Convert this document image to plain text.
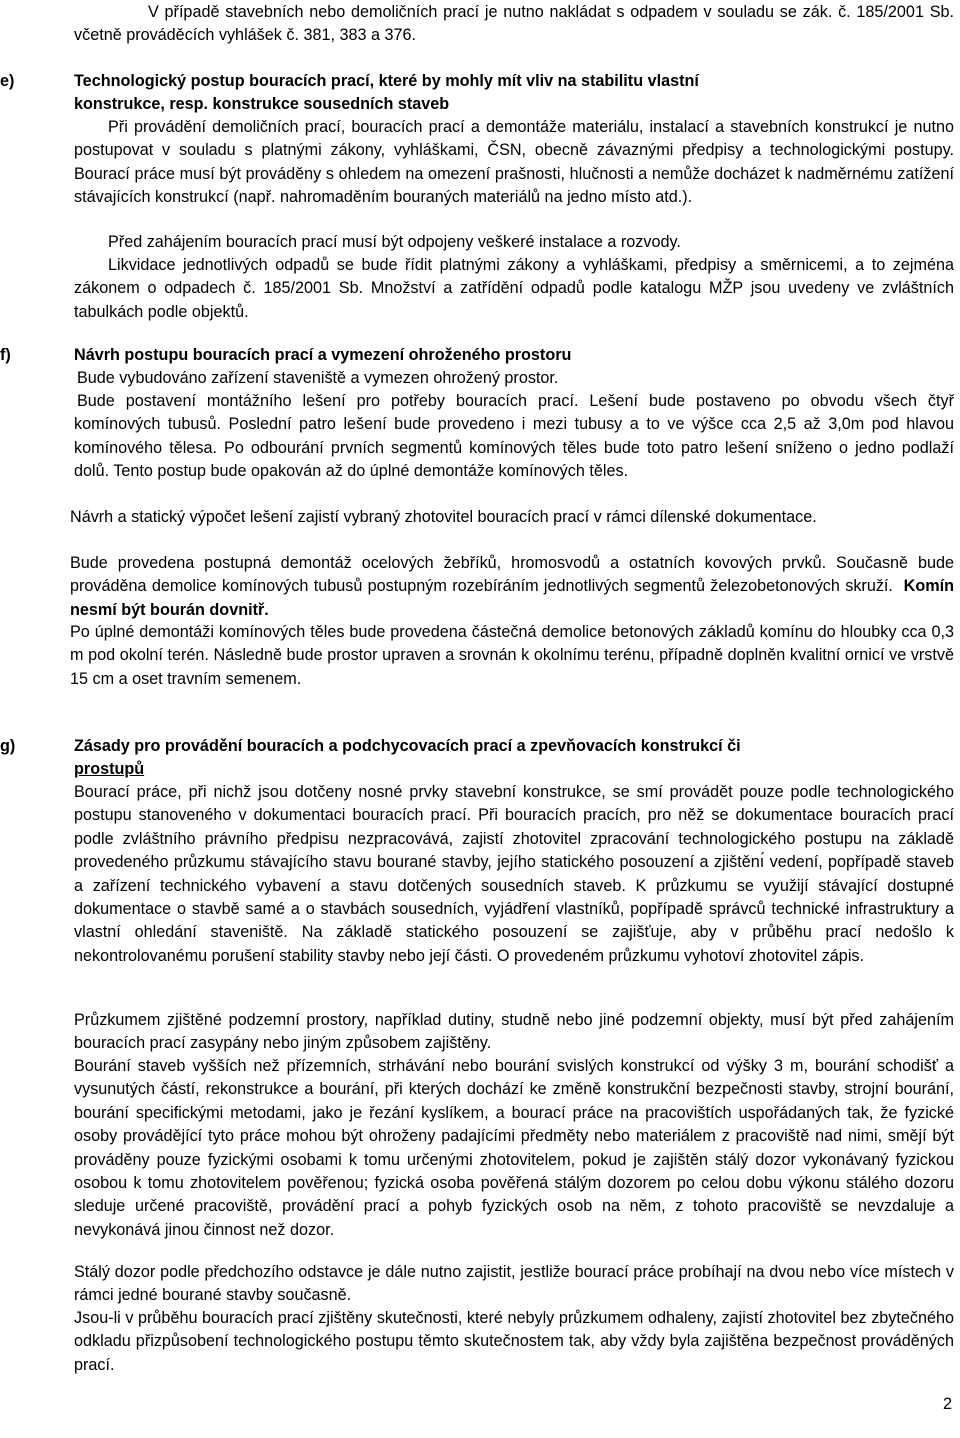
V případě stavebních nebo demoličních prací je nutno nakládat s odpadem v souladu se zák. č. 185/2001 Sb. včetně prováděcích vyhlášek č. 381, 383 a 376.

e)	Technologický postup bouracích prací, které by mohly mít vliv na stabilitu vlastní
konstrukce, resp. konstrukce sousedních staveb

Při provádění demoličních prací, bouracích prací a demontáže materiálu, instalací a stavebních konstrukcí je nutno postupovat v souladu s platnými zákony, vyhláškami, ČSN, obecně závaznými předpisy a technologickými postupy. Bourací práce musí být prováděny s ohledem na omezení prašnosti, hlučnosti a nemůže docházet k nadměrnému zatížení stávajících konstrukcí (např. nahromaděním bouraných materiálů na jedno místo atd.).

Před zahájením bouracích prací musí být odpojeny veškeré instalace a rozvody.

Likvidace jednotlivých odpadů se bude řídit platnými zákony a vyhláškami, předpisy a směrnicemi, a to zejména zákonem o odpadech č. 185/2001 Sb. Množství a zatřídění odpadů podle katalogu MŽP jsou uvedeny ve zvláštních tabulkách podle objektů.

f)	Návrh postupu bouracích prací a vymezení ohroženého prostoru

Bude vybudováno zařízení staveniště a vymezen ohrožený prostor.

Bude postavení montážního lešení pro potřeby bouracích prací. Lešení bude postaveno po obvodu všech čtyř komínových tubusů. Poslední patro lešení bude provedeno i mezi tubusy a to ve výšce cca 2,5 až 3,0m pod hlavou komínového tělesa. Po odbourání prvních segmentů komínových těles bude toto patro lešení sníženo o jedno podlaží dolů. Tento postup bude opakován až do úplné demontáže komínových těles.

Návrh a statický výpočet lešení zajistí vybraný zhotovitel bouracích prací v rámci dílenské dokumentace.

Bude provedena postupná demontáž ocelových žebříků, hromosvodů a ostatních kovových prvků. Současně bude prováděna demolice komínových tubusů postupným rozebíráním jednotlivých segmentů železobetonových skruží. Komín nesmí být bourán dovnitř.

Po úplné demontáži komínových těles bude provedena částečná demolice betonových základů komínu do hloubky cca 0,3 m pod okolní terén. Následně bude prostor upraven a srovnán k okolnímu terénu, případně doplněn kvalitní ornicí ve vrstvě 15 cm a oset travním semenem.

g)	Zásady pro provádění bouracích a podchycovacích prací a zpevňovacích konstrukcí či
prostupů

Bourací práce, při nichž jsou dotčeny nosné prvky stavební konstrukce, se smí provádět pouze podle technologického postupu stanoveného v dokumentaci bouracích prací. Při bouracích pracích, pro něž se dokumentace bouracích prací podle zvláštního právního předpisu nezpracovává, zajistí zhotovitel zpracování technologického postupu na základě provedeného průzkumu stávajícího stavu bourané stavby, jejího statického posouzení a zjištěnı́ vedení, popřípadě staveb a zařízení technického vybavení a stavu dotčených sousedních staveb. K průzkumu se využijí stávající dostupné dokumentace o stavbě samé a o stavbách sousedních, vyjádření vlastníků, popřípadě správců technické infrastruktury a vlastní ohledání staveniště. Na základě statického posouzení se zajišťuje, aby v průběhu prací nedošlo k nekontrolovanému porušení stability stavby nebo její části. O provedeném průzkumu vyhotoví zhotovitel zápis.

Průzkumem zjištěné podzemní prostory, například dutiny, studně nebo jiné podzemní objekty, musí být před zahájením bouracích prací zasypány nebo jiným způsobem zajištěny.

Bourání staveb vyšších než přízemních, strhávání nebo bourání svislých konstrukcí od výšky 3 m, bourání schodišť a vysunutých částí, rekonstrukce a bourání, při kterých dochází ke změně konstrukční bezpečnosti stavby, strojní bourání, bourání specifickými metodami, jako je řezání kyslíkem, a bourací práce na pracovištích uspořádaných tak, že fyzické osoby provádějící tyto práce mohou být ohroženy padajícími předměty nebo materiálem z pracoviště nad nimi, smějí být prováděny pouze fyzickými osobami k tomu určenými zhotovitelem, pokud je zajištěn stálý dozor vykonávaný fyzickou osobou k tomu zhotovitelem pověřenou; fyzická osoba pověřená stálým dozorem po celou dobu výkonu stálého dozoru sleduje určené pracoviště, provádění prací a pohyb fyzických osob na něm, z tohoto pracoviště se nevzdaluje a nevykonává jinou činnost než dozor.

Stálý dozor podle předchozího odstavce je dále nutno zajistit, jestliže bourací práce probíhají na dvou nebo více místech v rámci jedné bourané stavby současně.

Jsou-li v průběhu bouracích prací zjištěny skutečnosti, které nebyly průzkumem odhaleny, zajistí zhotovitel bez zbytečného odkladu přizpůsobení technologického postupu těmto skutečnostem tak, aby vždy byla zajištěna bezpečnost prováděných prací.

2
